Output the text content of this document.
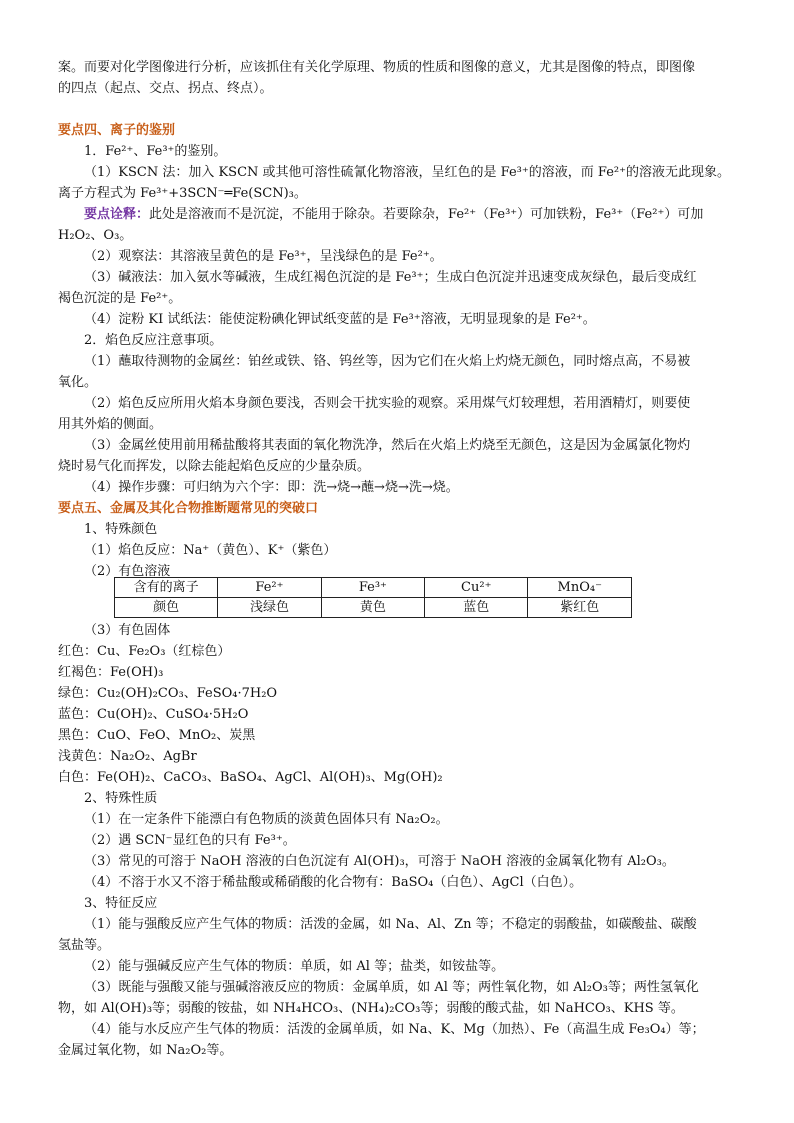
案。而要对化学图像进行分析，应该抓住有关化学原理、物质的性质和图像的意义，尤其是图像的特点，即图像
的四点（起点、交点、拐点、终点）。
要点四、离子的鉴别
1．Fe²⁺、Fe³⁺的鉴别。
（1）KSCN 法：加入 KSCN 或其他可溶性硫氰化物溶液，呈红色的是 Fe³⁺的溶液，而 Fe²⁺的溶液无此现象。
离子方程式为 Fe³⁺+3SCN⁻═Fe(SCN)₃。
要点诠释：此处是溶液而不是沉淀，不能用于除杂。若要除杂，Fe²⁺（Fe³⁺）可加铁粉，Fe³⁺（Fe²⁺）可加
H₂O₂、O₃。
（2）观察法：其溶液呈黄色的是 Fe³⁺，呈浅绿色的是 Fe²⁺。
（3）碱液法：加入氨水等碱液，生成红褐色沉淀的是 Fe³⁺；生成白色沉淀并迅速变成灰绿色，最后变成红
褐色沉淀的是 Fe²⁺。
（4）淀粉 KI 试纸法：能使淀粉碘化钾试纸变蓝的是 Fe³⁺溶液，无明显现象的是 Fe²⁺。
2．焰色反应注意事项。
（1）蘸取待测物的金属丝：铂丝或铁、铬、钨丝等，因为它们在火焰上灼烧无颜色，同时熔点高，不易被
氧化。
（2）焰色反应所用火焰本身颜色要浅，否则会干扰实验的观察。采用煤气灯较理想，若用酒精灯，则要使
用其外焰的侧面。
（3）金属丝使用前用稀盐酸将其表面的氧化物洗净，然后在火焰上灼烧至无颜色，这是因为金属氯化物灼
烧时易气化而挥发，以除去能起焰色反应的少量杂质。
（4）操作步骤：可归纳为六个字：即：洗→烧→蘸→烧→洗→烧。
要点五、金属及其化合物推断题常见的突破口
1、特殊颜色
（1）焰色反应：Na⁺（黄色）、K⁺（紫色）
（2）有色溶液
含有的离子	Fe²⁺	Fe³⁺	Cu²⁺	MnO₄⁻
颜色	浅绿色	黄色	蓝色	紫红色
（3）有色固体
红色：Cu、Fe₂O₃（红棕色）
红褐色：Fe(OH)₃
绿色：Cu₂(OH)₂CO₃、FeSO₄·7H₂O
蓝色：Cu(OH)₂、CuSO₄·5H₂O
黑色：CuO、FeO、MnO₂、炭黑
浅黄色：Na₂O₂、AgBr
白色：Fe(OH)₂、CaCO₃、BaSO₄、AgCl、Al(OH)₃、Mg(OH)₂
2、特殊性质
（1）在一定条件下能漂白有色物质的淡黄色固体只有 Na₂O₂。
（2）遇 SCN⁻显红色的只有 Fe³⁺。
（3）常见的可溶于 NaOH 溶液的白色沉淀有 Al(OH)₃，可溶于 NaOH 溶液的金属氧化物有 Al₂O₃。
（4）不溶于水又不溶于稀盐酸或稀硝酸的化合物有：BaSO₄（白色）、AgCl（白色）。
3、特征反应
（1）能与强酸反应产生气体的物质：活泼的金属，如 Na、Al、Zn 等；不稳定的弱酸盐，如碳酸盐、碳酸
氢盐等。
（2）能与强碱反应产生气体的物质：单质，如 Al 等；盐类，如铵盐等。
（3）既能与强酸又能与强碱溶液反应的物质：金属单质，如 Al 等；两性氧化物，如 Al₂O₃等；两性氢氧化
物，如 Al(OH)₃等；弱酸的铵盐，如 NH₄HCO₃、(NH₄)₂CO₃等；弱酸的酸式盐，如 NaHCO₃、KHS 等。
（4）能与水反应产生气体的物质：活泼的金属单质，如 Na、K、Mg（加热）、Fe（高温生成 Fe₃O₄）等；
金属过氧化物，如 Na₂O₂等。
